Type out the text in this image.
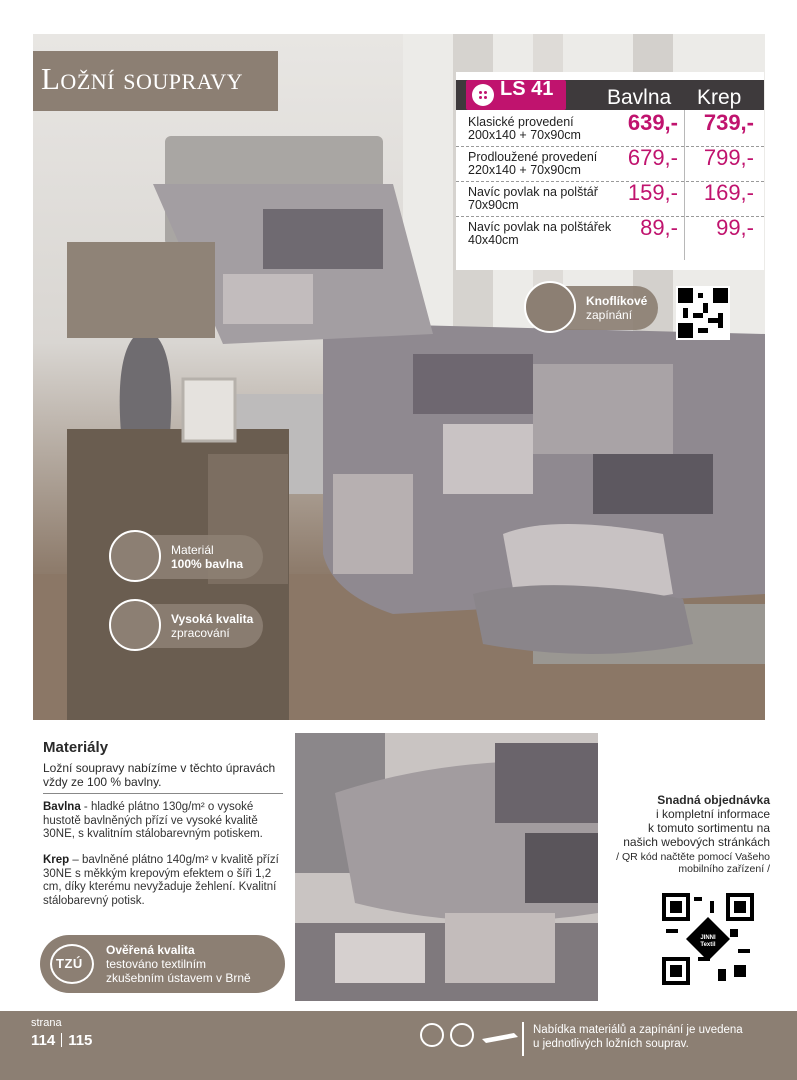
Ložní soupravy	LS 41	Bavlna Krep
Klasické provedení
200x140 + 70x90cm	639,-	739,-
Prodloužené provedení
220x140 + 70x90cm	679,-	799,-
Navíc povlak na polštář
70x90cm	159,-	169,-
Navíc povlak na polštářek
40x40cm	89,-	99,-
Knoflíkové
zapínání
Materiál
100% bavlna
Vysoká kvalita
zpracování
Materiály
Ložní soupravy nabízíme v těchto úpravách vždy ze 100 % bavlny.
Bavlna - hladké plátno 130g/m² o vysoké hustotě bavlněných přízí ve vysoké kvalitě 30NE, s kvalitním stálobarevným potiskem.
Krep – bavlněné plátno 140g/m² v kvalitě přízí 30NE s měkkým krepovým efektem o šíři 1,2 cm, díky kterému nevyžaduje žehlení. Kvalitní stálobarevný potisk.
TZÚ
Ověřená kvalita
testováno textilním
zkušebním ústavem v Brně
Snadná objednávka
i kompletní informace
k tomuto sortimentu na
našich webových stránkách
/ QR kód načtěte pomocí Vašeho
mobilního zařízení /
JINNI Textil
strana
114 115
Nabídka materiálů a zapínání je uvedena
u jednotlivých ložních souprav.
